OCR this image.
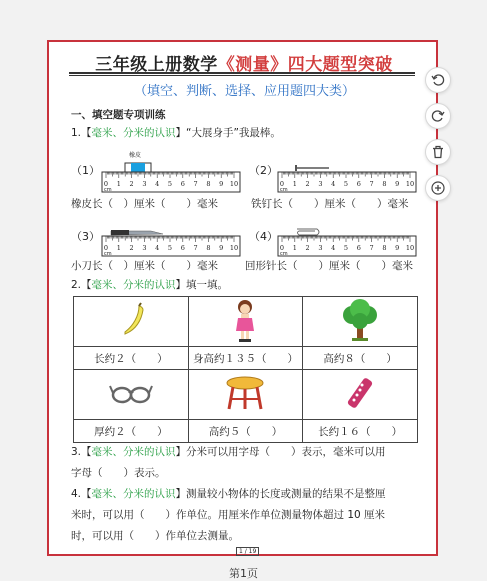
三年级上册数学《测量》四大题型突破
（填空、判断、选择、应用题四大类）
一、填空题专项训练
1.【毫米、分米的认识】“大展身手”我最棒。
（1）
橡皮
0 1 2 3 4 5 6 7 8 9 10
cm
（2）
0 1 2 3 4 5 6 7 8 9 10
cm
橡皮长（　）厘米（　　）毫米	铁钉长（　　）厘米（　　）毫米
（3）
0 1 2 3 4 5 6 7 8 9 10
cm
（4）
0 1 2 3 4 5 6 7 8 9 10
cm
小刀长（　）厘米（　　）毫米	回形针长（　　）厘米（　　）毫米
2.【毫米、分米的认识】填一填。

长约２（　　）	身高约１３５（　　）	高约８（　　）

厚约２（　　）	高约５（　　）	长约１６（　　）
3.【毫米、分米的认识】分米可以用字母（　　）表示，毫米可以用
字母（　　）表示。
4.【毫米、分米的认识】测量较小物体的长度或测量的结果不是整厘
米时，可以用（　　）作单位。用厘米作单位测量物体超过 10 厘米
时，可以用（　　）作单位去测量。
1 / 19
第1页
